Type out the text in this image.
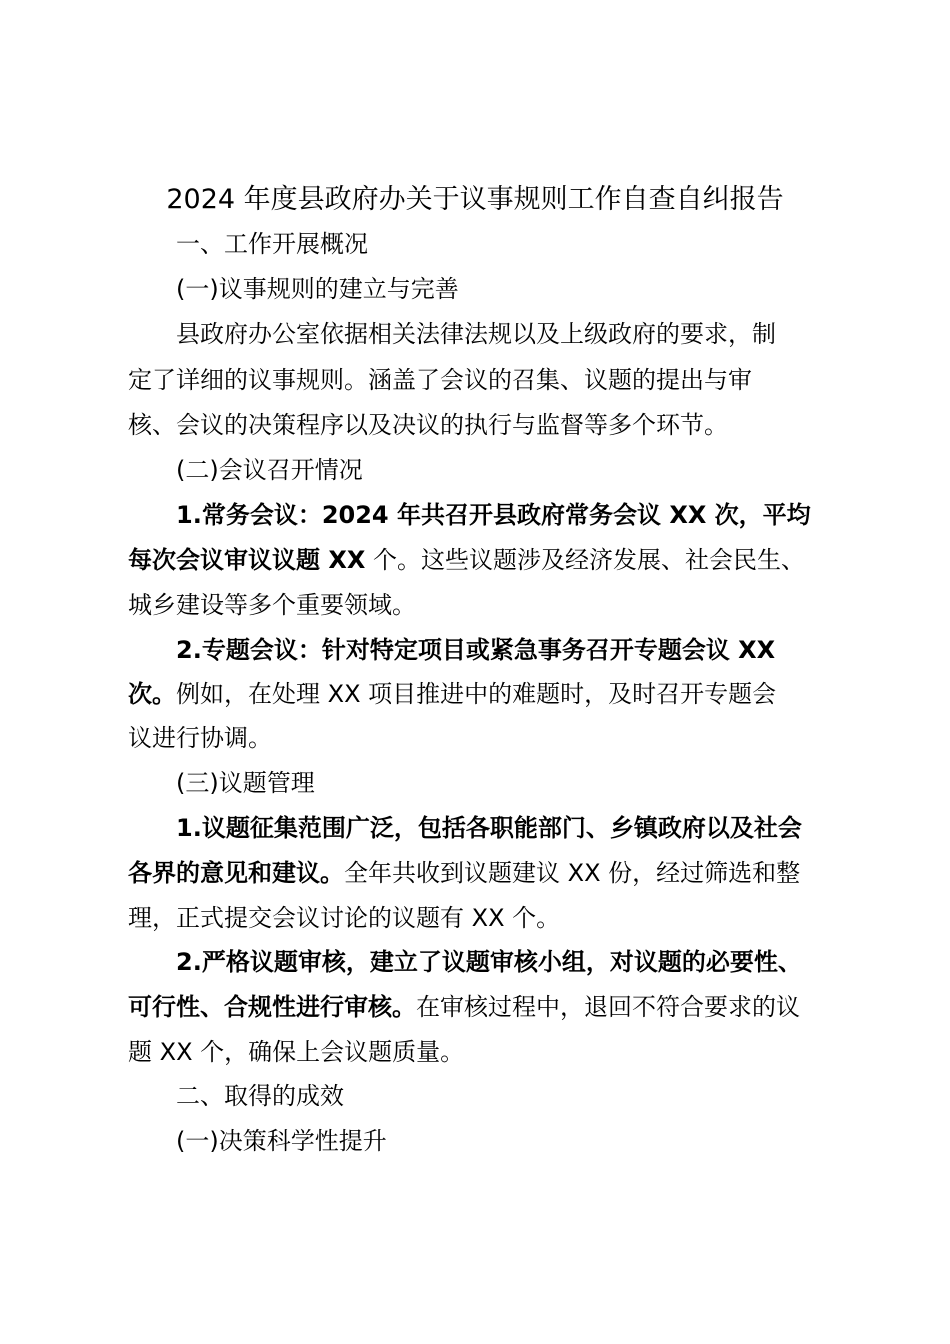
2024 年度县政府办关于议事规则工作自查自纠报告

一、工作开展概况

(一)议事规则的建立与完善

县政府办公室依据相关法律法规以及上级政府的要求，制

定了详细的议事规则。涵盖了会议的召集、议题的提出与审

核、会议的决策程序以及决议的执行与监督等多个环节。

(二)会议召开情况

1.常务会议：2024 年共召开县政府常务会议 XX 次，平均

每次会议审议议题 XX 个。这些议题涉及经济发展、社会民生、

城乡建设等多个重要领域。

2.专题会议：针对特定项目或紧急事务召开专题会议 XX

次。例如，在处理 XX 项目推进中的难题时，及时召开专题会

议进行协调。

(三)议题管理

1.议题征集范围广泛，包括各职能部门、乡镇政府以及社会

各界的意见和建议。全年共收到议题建议 XX 份，经过筛选和整

理，正式提交会议讨论的议题有 XX 个。

2.严格议题审核，建立了议题审核小组，对议题的必要性、

可行性、合规性进行审核。在审核过程中，退回不符合要求的议

题 XX 个，确保上会议题质量。

二、取得的成效

(一)决策科学性提升
